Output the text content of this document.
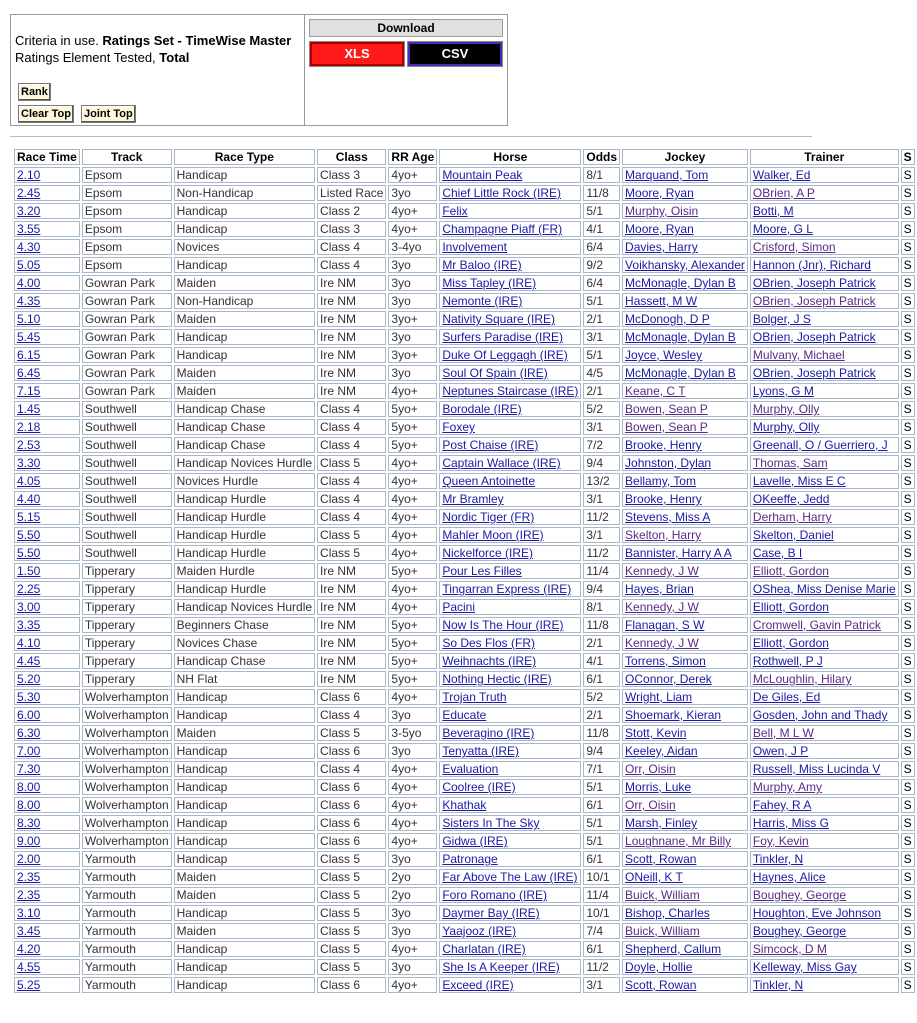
Criteria in use. Ratings Set - TimeWise Master
Ratings Element Tested, Total
Rank
Clear Top Joint Top
Download
XLS	CSV
Race Time	Track	Race Type	Class	RR Age	Horse	Odds	Jockey	Trainer	S
2.10	Epsom	Handicap	Class 3	4yo+	Mountain Peak	8/1	Marquand, Tom	Walker, Ed	S
2.45	Epsom	Non-Handicap	Listed Race	3yo	Chief Little Rock (IRE)	11/8	Moore, Ryan	OBrien, A P	S
3.20	Epsom	Handicap	Class 2	4yo+	Felix	5/1	Murphy, Oisin	Botti, M	S
3.55	Epsom	Handicap	Class 3	4yo+	Champagne Piaff (FR)	4/1	Moore, Ryan	Moore, G L	S
4.30	Epsom	Novices	Class 4	3-4yo	Involvement	6/4	Davies, Harry	Crisford, Simon	S
5.05	Epsom	Handicap	Class 4	3yo	Mr Baloo (IRE)	9/2	Voikhansky, Alexander	Hannon (Jnr), Richard	S
4.00	Gowran Park	Maiden	Ire NM	3yo	Miss Tapley (IRE)	6/4	McMonagle, Dylan B	OBrien, Joseph Patrick	S
4.35	Gowran Park	Non-Handicap	Ire NM	3yo	Nemonte (IRE)	5/1	Hassett, M W	OBrien, Joseph Patrick	S
5.10	Gowran Park	Maiden	Ire NM	3yo+	Nativity Square (IRE)	2/1	McDonogh, D P	Bolger, J S	S
5.45	Gowran Park	Handicap	Ire NM	3yo	Surfers Paradise (IRE)	3/1	McMonagle, Dylan B	OBrien, Joseph Patrick	S
6.15	Gowran Park	Handicap	Ire NM	3yo+	Duke Of Leggagh (IRE)	5/1	Joyce, Wesley	Mulvany, Michael	S
6.45	Gowran Park	Maiden	Ire NM	3yo	Soul Of Spain (IRE)	4/5	McMonagle, Dylan B	OBrien, Joseph Patrick	S
7.15	Gowran Park	Maiden	Ire NM	4yo+	Neptunes Staircase (IRE)	2/1	Keane, C T	Lyons, G M	S
1.45	Southwell	Handicap Chase	Class 4	5yo+	Borodale (IRE)	5/2	Bowen, Sean P	Murphy, Olly	S
2.18	Southwell	Handicap Chase	Class 4	5yo+	Foxey	3/1	Bowen, Sean P	Murphy, Olly	S
2.53	Southwell	Handicap Chase	Class 4	5yo+	Post Chaise (IRE)	7/2	Brooke, Henry	Greenall, O / Guerriero, J	S
3.30	Southwell	Handicap Novices Hurdle	Class 5	4yo+	Captain Wallace (IRE)	9/4	Johnston, Dylan	Thomas, Sam	S
4.05	Southwell	Novices Hurdle	Class 4	4yo+	Queen Antoinette	13/2	Bellamy, Tom	Lavelle, Miss E C	S
4.40	Southwell	Handicap Hurdle	Class 4	4yo+	Mr Bramley	3/1	Brooke, Henry	OKeeffe, Jedd	S
5.15	Southwell	Handicap Hurdle	Class 4	4yo+	Nordic Tiger (FR)	11/2	Stevens, Miss A	Derham, Harry	S
5.50	Southwell	Handicap Hurdle	Class 5	4yo+	Mahler Moon (IRE)	3/1	Skelton, Harry	Skelton, Daniel	S
5.50	Southwell	Handicap Hurdle	Class 5	4yo+	Nickelforce (IRE)	11/2	Bannister, Harry A A	Case, B I	S
1.50	Tipperary	Maiden Hurdle	Ire NM	5yo+	Pour Les Filles	11/4	Kennedy, J W	Elliott, Gordon	S
2.25	Tipperary	Handicap Hurdle	Ire NM	4yo+	Tingarran Express (IRE)	9/4	Hayes, Brian	OShea, Miss Denise Marie	S
3.00	Tipperary	Handicap Novices Hurdle	Ire NM	4yo+	Pacini	8/1	Kennedy, J W	Elliott, Gordon	S
3.35	Tipperary	Beginners Chase	Ire NM	5yo+	Now Is The Hour (IRE)	11/8	Flanagan, S W	Cromwell, Gavin Patrick	S
4.10	Tipperary	Novices Chase	Ire NM	5yo+	So Des Flos (FR)	2/1	Kennedy, J W	Elliott, Gordon	S
4.45	Tipperary	Handicap Chase	Ire NM	5yo+	Weihnachts (IRE)	4/1	Torrens, Simon	Rothwell, P J	S
5.20	Tipperary	NH Flat	Ire NM	5yo+	Nothing Hectic (IRE)	6/1	OConnor, Derek	McLoughlin, Hilary	S
5.30	Wolverhampton	Handicap	Class 6	4yo+	Trojan Truth	5/2	Wright, Liam	De Giles, Ed	S
6.00	Wolverhampton	Handicap	Class 4	3yo	Educate	2/1	Shoemark, Kieran	Gosden, John and Thady	S
6.30	Wolverhampton	Maiden	Class 5	3-5yo	Beveragino (IRE)	11/8	Stott, Kevin	Bell, M L W	S
7.00	Wolverhampton	Handicap	Class 6	3yo	Tenyatta (IRE)	9/4	Keeley, Aidan	Owen, J P	S
7.30	Wolverhampton	Handicap	Class 4	4yo+	Evaluation	7/1	Orr, Oisin	Russell, Miss Lucinda V	S
8.00	Wolverhampton	Handicap	Class 6	4yo+	Coolree (IRE)	5/1	Morris, Luke	Murphy, Amy	S
8.00	Wolverhampton	Handicap	Class 6	4yo+	Khathak	6/1	Orr, Oisin	Fahey, R A	S
8.30	Wolverhampton	Handicap	Class 6	4yo+	Sisters In The Sky	5/1	Marsh, Finley	Harris, Miss G	S
9.00	Wolverhampton	Handicap	Class 6	4yo+	Gidwa (IRE)	5/1	Loughnane, Mr Billy	Foy, Kevin	S
2.00	Yarmouth	Handicap	Class 5	3yo	Patronage	6/1	Scott, Rowan	Tinkler, N	S
2.35	Yarmouth	Maiden	Class 5	2yo	Far Above The Law (IRE)	10/1	ONeill, K T	Haynes, Alice	S
2.35	Yarmouth	Maiden	Class 5	2yo	Foro Romano (IRE)	11/4	Buick, William	Boughey, George	S
3.10	Yarmouth	Handicap	Class 5	3yo	Daymer Bay (IRE)	10/1	Bishop, Charles	Houghton, Eve Johnson	S
3.45	Yarmouth	Maiden	Class 5	3yo	Yaajooz (IRE)	7/4	Buick, William	Boughey, George	S
4.20	Yarmouth	Handicap	Class 5	4yo+	Charlatan (IRE)	6/1	Shepherd, Callum	Simcock, D M	S
4.55	Yarmouth	Handicap	Class 5	3yo	She Is A Keeper (IRE)	11/2	Doyle, Hollie	Kelleway, Miss Gay	S
5.25	Yarmouth	Handicap	Class 6	4yo+	Exceed (IRE)	3/1	Scott, Rowan	Tinkler, N	S
